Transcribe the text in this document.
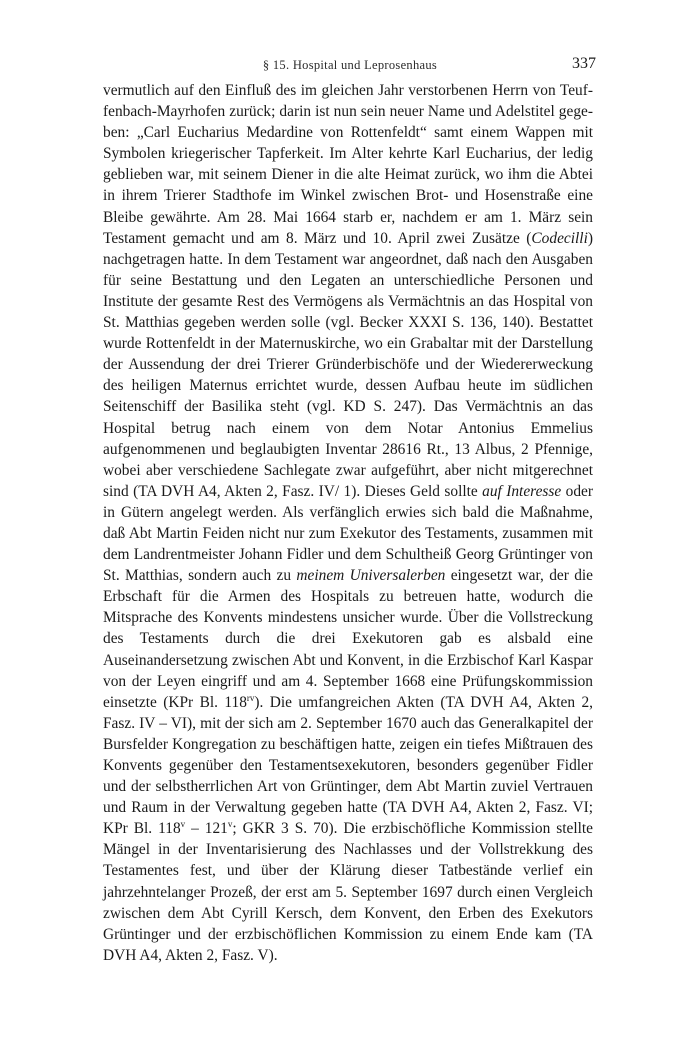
§ 15. Hospital und Leprosenhaus	337

vermutlich auf den Einfluß des im gleichen Jahr verstorbenen Herrn von Teuffenbach-Mayrhofen zurück; darin ist nun sein neuer Name und Adelstitel gegeben: „Carl Eucharius Medardine von Rottenfeldt“ samt einem Wappen mit Symbolen kriegerischer Tapferkeit. Im Alter kehrte Karl Eucharius, der ledig geblieben war, mit seinem Diener in die alte Heimat zurück, wo ihm die Abtei in ihrem Trierer Stadthofe im Winkel zwischen Brot- und Hosenstraße eine Bleibe gewährte. Am 28. Mai 1664 starb er, nachdem er am 1. März sein Testament gemacht und am 8. März und 10. April zwei Zusätze (Codecilli) nachgetragen hatte. In dem Testament war angeordnet, daß nach den Ausgaben für seine Bestattung und den Legaten an unterschiedliche Personen und Institute der gesamte Rest des Vermögens als Vermächtnis an das Hospital von St. Matthias gegeben werden solle (vgl. Becker XXXI S. 136, 140). Bestattet wurde Rottenfeldt in der Maternuskirche, wo ein Grabaltar mit der Darstellung der Aussendung der drei Trierer Gründerbischöfe und der Wiedererweckung des heiligen Maternus errichtet wurde, dessen Aufbau heute im südlichen Seitenschiff der Basilika steht (vgl. KD S. 247). Das Vermächtnis an das Hospital betrug nach einem von dem Notar Antonius Emmelius aufgenommenen und beglaubigten Inventar 28616 Rt., 13 Albus, 2 Pfennige, wobei aber verschiedene Sachlegate zwar aufgeführt, aber nicht mitgerechnet sind (TA DVH A4, Akten 2, Fasz. IV/ 1). Dieses Geld sollte auf Interesse oder in Gütern angelegt werden. Als verfänglich erwies sich bald die Maßnahme, daß Abt Martin Feiden nicht nur zum Exekutor des Testaments, zusammen mit dem Landrentmeister Johann Fidler und dem Schultheiß Georg Grüntinger von St. Matthias, sondern auch zu meinem Universalerben eingesetzt war, der die Erbschaft für die Armen des Hospitals zu betreuen hatte, wodurch die Mitsprache des Konvents mindestens unsicher wurde. Über die Vollstreckung des Testaments durch die drei Exekutoren gab es alsbald eine Auseinandersetzung zwischen Abt und Konvent, in die Erzbischof Karl Kaspar von der Leyen eingriff und am 4. September 1668 eine Prüfungskommission einsetzte (KPr Bl. $118^{rv}$). Die umfangreichen Akten (TA DVH A4, Akten 2, Fasz. IV – VI), mit der sich am 2. September 1670 auch das Generalkapitel der Bursfelder Kongregation zu beschäftigen hatte, zeigen ein tiefes Mißtrauen des Konvents gegenüber den Testamentsexekutoren, besonders gegenüber Fidler und der selbstherrlichen Art von Grüntinger, dem Abt Martin zuviel Vertrauen und Raum in der Verwaltung gegeben hatte (TA DVH A4, Akten 2, Fasz. VI; KPr Bl. 118$^v$ – 121$^v$; GKR 3 S. 70). Die erzbischöfliche Kommission stellte Mängel in der Inventarisierung des Nachlasses und der Vollstrekkung des Testamentes fest, und über der Klärung dieser Tatbestände verlief ein jahrzehntelanger Prozeß, der erst am 5. September 1697 durch einen Vergleich zwischen dem Abt Cyrill Kersch, dem Konvent, den Erben des Exekutors Grüntinger und der erzbischöflichen Kommission zu einem Ende kam (TA DVH A4, Akten 2, Fasz. V).
